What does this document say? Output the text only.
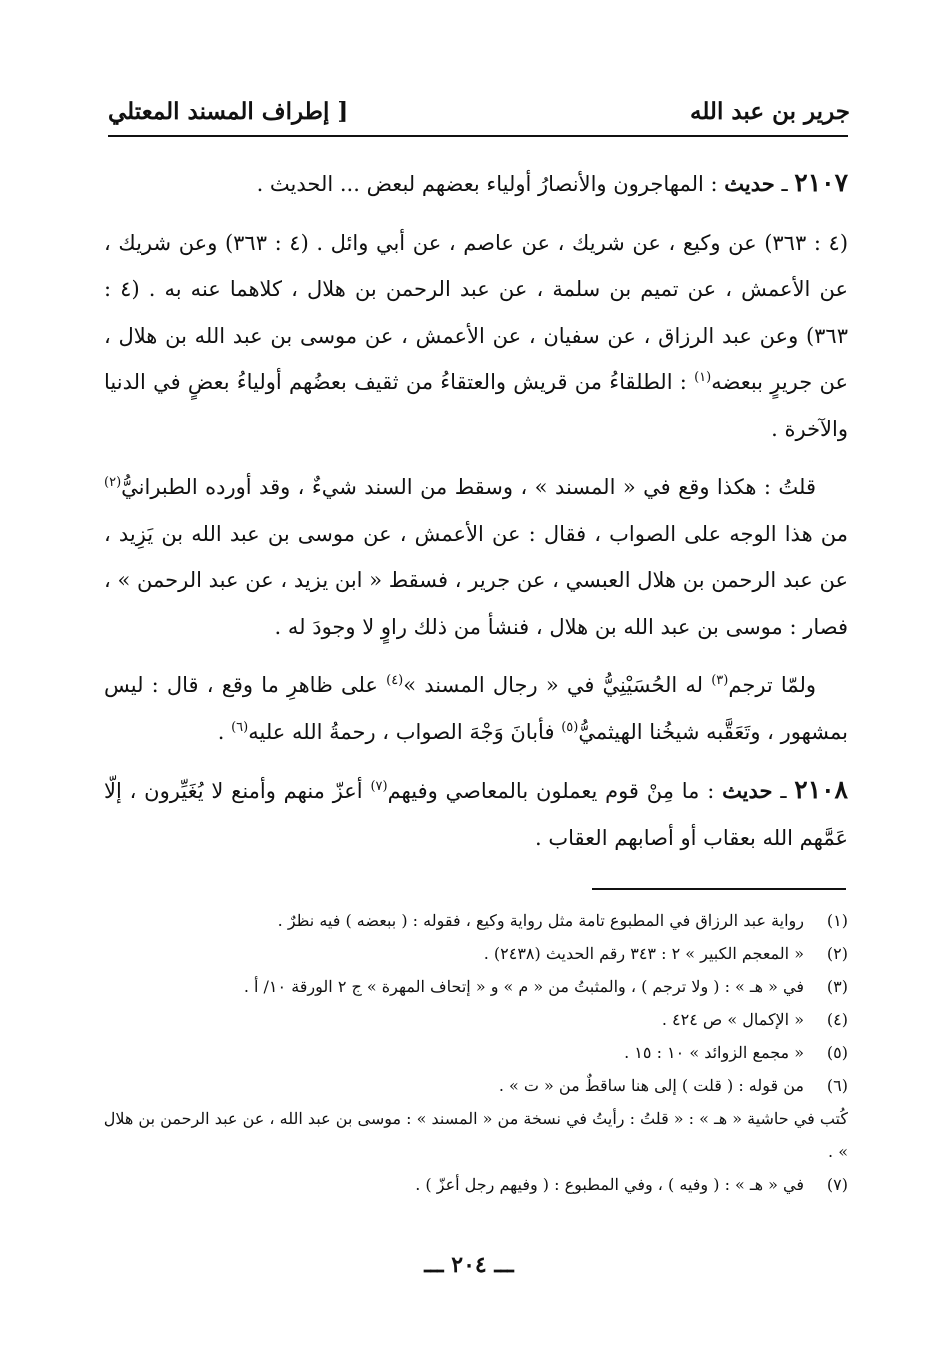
جرير بن عبد الله
[ إطراف المسند المعتلي

٢١٠٧ ـ حديث : المهاجرون والأنصارُ أولياء بعضهم لبعض ... الحديث .

(٤ : ٣٦٣) عن وكيع ، عن شريك ، عن عاصم ، عن أبي وائل . (٤ : ٣٦٣) وعن شريك ، عن الأعمش ، عن تميم بن سلمة ، عن عبد الرحمن بن هلال ، كلاهما عنه به . (٤ : ٣٦٣) وعن عبد الرزاق ، عن سفيان ، عن الأعمش ، عن موسى بن عبد الله بن هلال ، عن جريرٍ ببعضه$^{(١)}$ : الطلقاءُ من قريش والعتقاءُ من ثقيف بعضُهم أولياءُ بعضٍ في الدنيا والآخرة .

قلتُ : هكذا وقع في « المسند » ، وسقط من السند شيءٌ ، وقد أورده الطبرانيُّ$^{(٢)}$ من هذا الوجه على الصواب ، فقال : عن الأعمش ، عن موسى بن عبد الله بن يَزِيد ، عن عبد الرحمن بن هلال العبسي ، عن جرير ، فسقط « ابن يزيد ، عن عبد الرحمن » ، فصار : موسى بن عبد الله بن هلال ، فنشأ من ذلك راوٍ لا وجودَ له .

ولمّا ترجم$^{(٣)}$ له الحُسَيْنِيُّ في « رجال المسند »$^{(٤)}$ على ظاهرِ ما وقع ، قال : ليس بمشهور ، وتَعَقَّبه شيخُنا الهيثميُّ$^{(٥)}$ فأبانَ وَجْهَ الصواب ، رحمةُ الله عليه$^{(٦)}$ .

٢١٠٨ ـ حديث : ما مِنْ قوم يعملون بالمعاصي وفيهم$^{(٧)}$ أعزّ منهم وأمنع لا يُغَيِّرون ، إلّا عَمَّهم الله بعقاب أو أصابهم العقاب .

(١)
رواية عبد الرزاق في المطبوع تامة مثل رواية وكيع ، فقوله : ( ببعضه ) فيه نظرٌ .
(٢)
« المعجم الكبير » ٢ : ٣٤٣ رقم الحديث (٢٤٣٨) .
(٣)
في « هـ » : ( ولا ترجم ) ، والمثبتُ من « م » و « إتحاف المهرة » ج ٢ الورقة ١٠/ أ .
(٤)
« الإكمال » ص ٤٢٤ .
(٥)
« مجمع الزوائد » ١٠ : ١٥ .
(٦)
من قوله : ( قلت ) إلى هنا ساقطٌ من « ت » .
كُتب في حاشية « هـ » : « قلتُ : رأيتُ في نسخة من « المسند » : موسى بن عبد الله ، عن عبد الرحمن بن هلال » .
(٧)
في « هـ » : ( وفيه ) ، وفي المطبوع : ( وفيهم رجل أعزّ ) .
ـــ ٢٠٤ ـــ
